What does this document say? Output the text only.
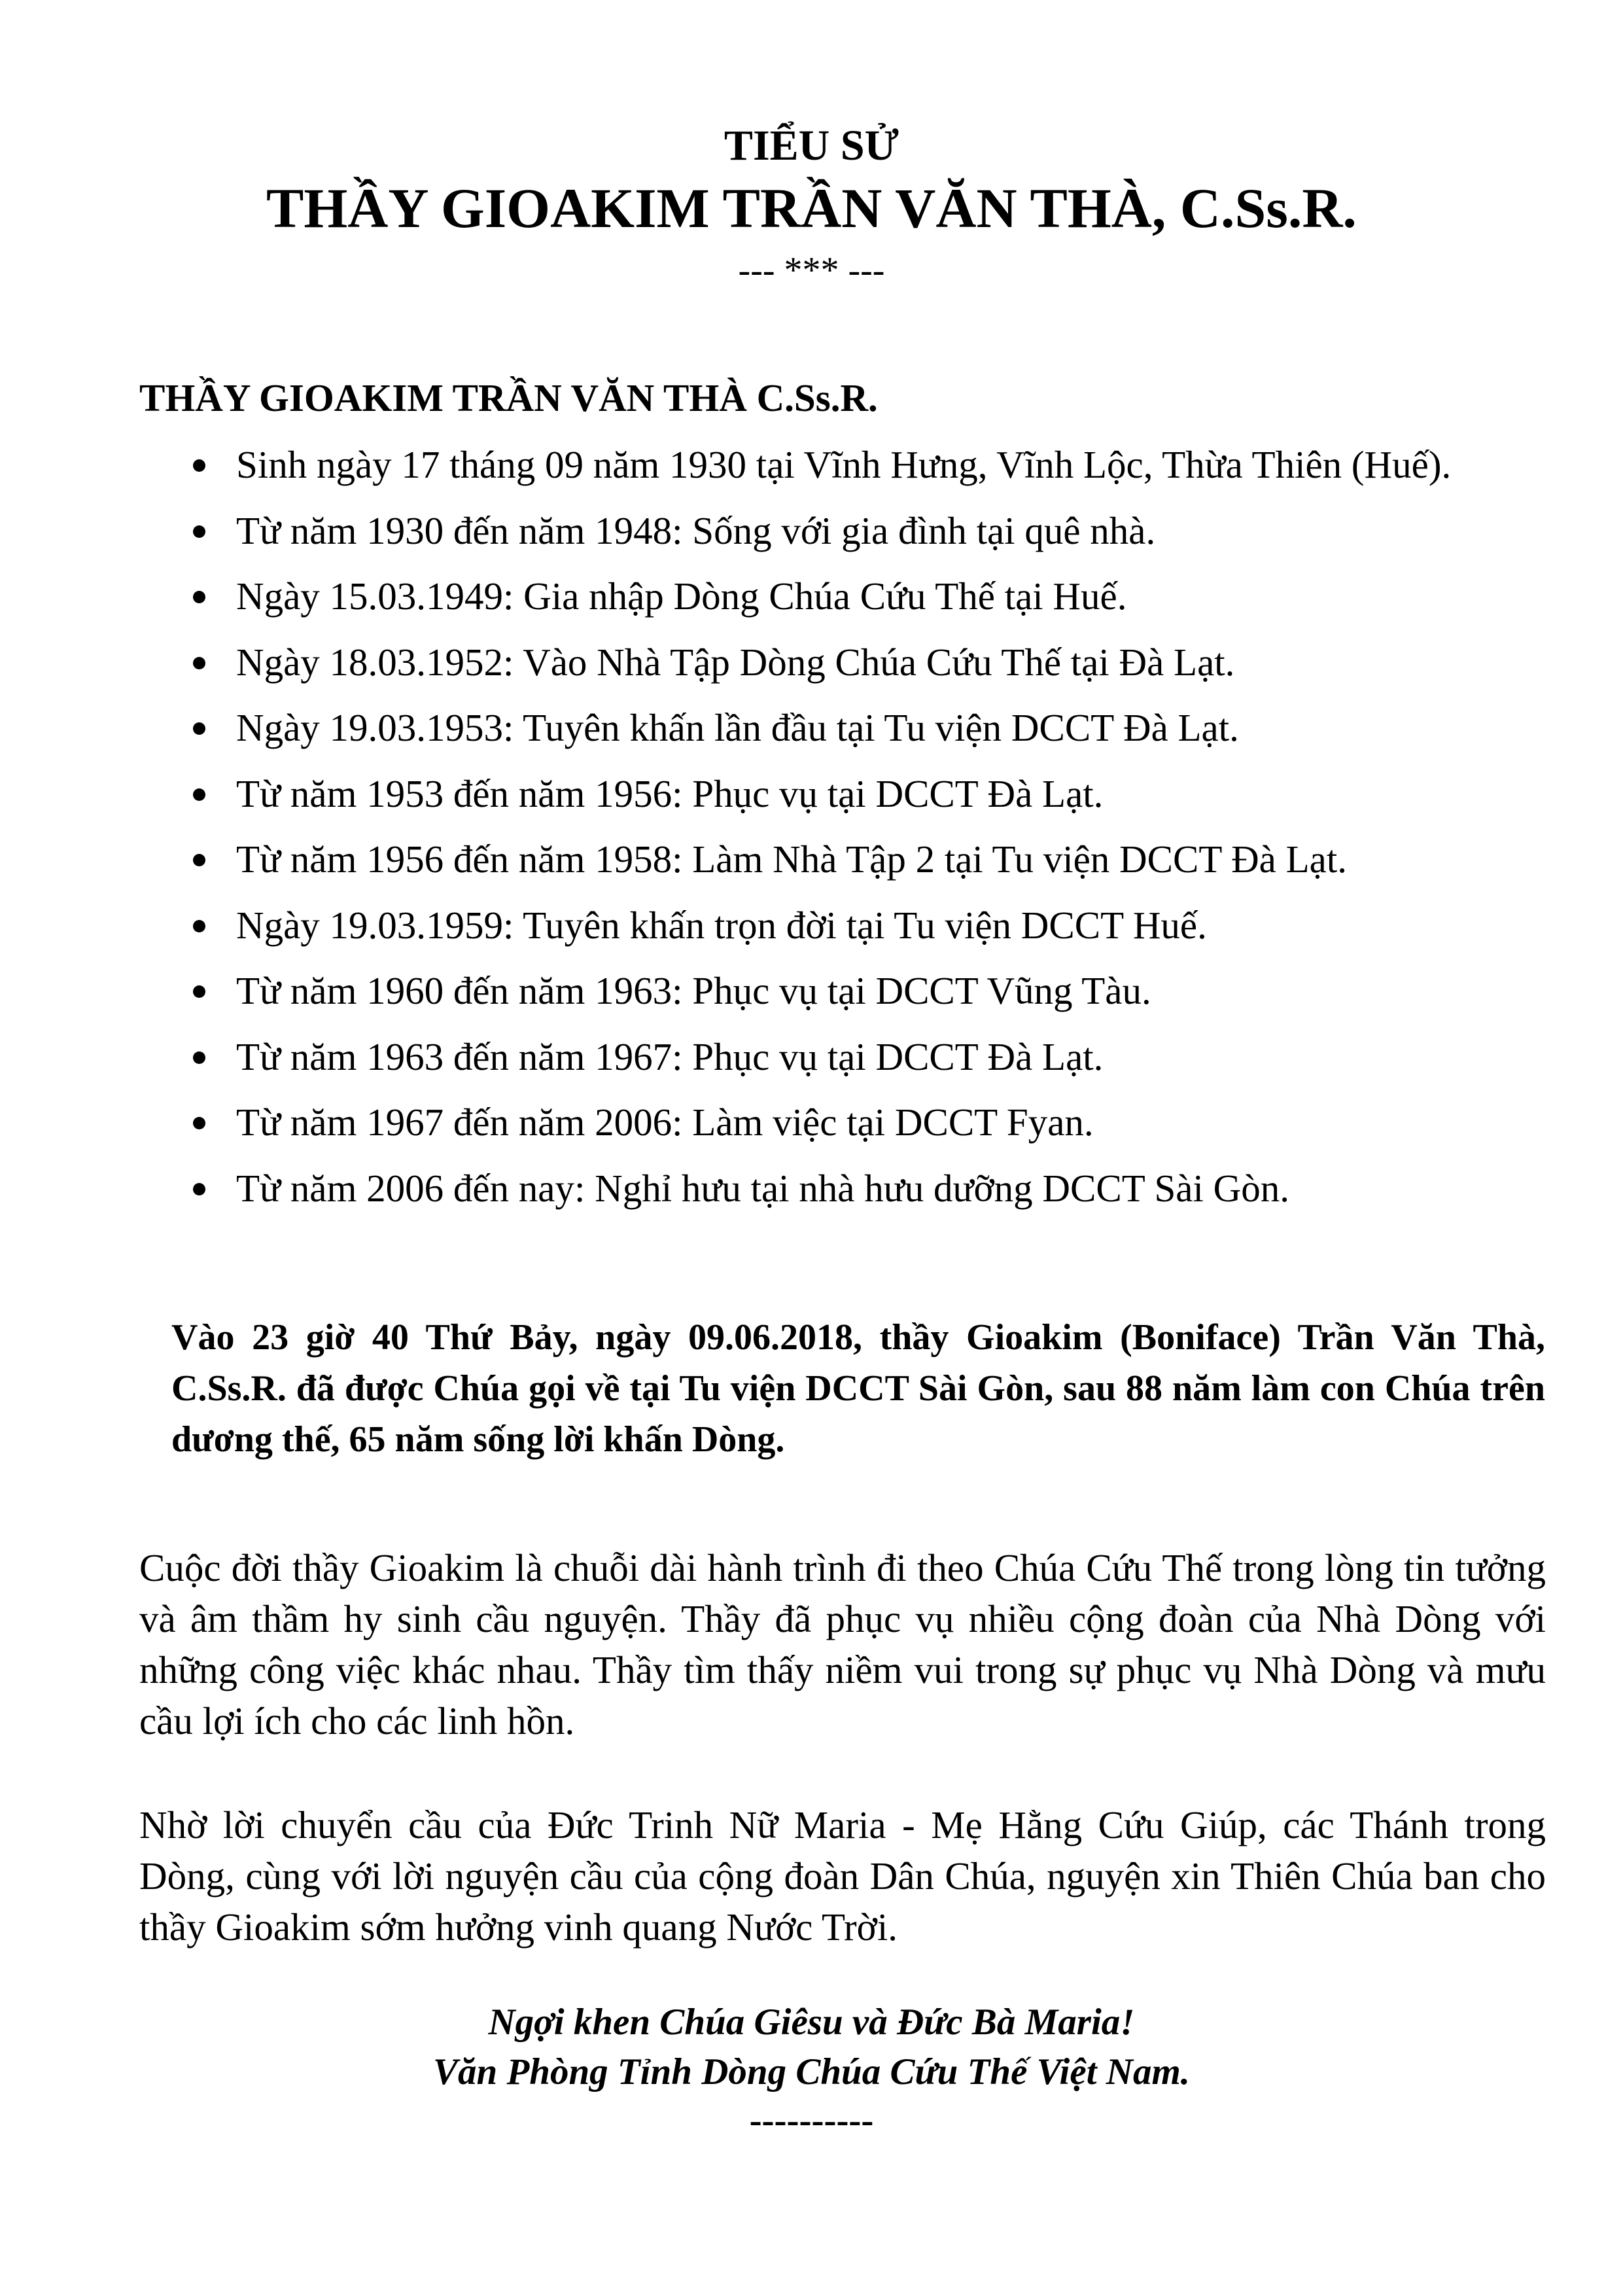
TIỂU SỬ
THẦY GIOAKIM TRẦN VĂN THÀ, C.Ss.R.
--- *** ---
THẦY GIOAKIM TRẦN VĂN THÀ C.Ss.R.
Sinh ngày 17 tháng 09 năm 1930 tại Vĩnh Hưng, Vĩnh Lộc, Thừa Thiên (Huế).
Từ năm 1930 đến năm 1948: Sống với gia đình tại quê nhà.
Ngày 15.03.1949: Gia nhập Dòng Chúa Cứu Thế tại Huế.
Ngày 18.03.1952: Vào Nhà Tập Dòng Chúa Cứu Thế tại Đà Lạt.
Ngày 19.03.1953: Tuyên khấn lần đầu tại Tu viện DCCT Đà Lạt.
Từ năm 1953 đến năm 1956: Phục vụ tại DCCT Đà Lạt.
Từ năm 1956 đến năm 1958: Làm Nhà Tập 2 tại Tu viện DCCT Đà Lạt.
Ngày 19.03.1959: Tuyên khấn trọn đời tại Tu viện DCCT Huế.
Từ năm 1960 đến năm 1963: Phục vụ tại DCCT Vũng Tàu.
Từ năm 1963 đến năm 1967: Phục vụ tại DCCT Đà Lạt.
Từ năm 1967 đến năm 2006: Làm việc tại DCCT Fyan.
Từ năm 2006 đến nay: Nghỉ hưu tại nhà hưu dưỡng DCCT Sài Gòn.
Vào 23 giờ 40 Thứ Bảy, ngày 09.06.2018, thầy Gioakim (Boniface) Trần Văn Thà, C.Ss.R. đã được Chúa gọi về tại Tu viện DCCT Sài Gòn, sau 88 năm làm con Chúa trên dương thế, 65 năm sống lời khấn Dòng.
Cuộc đời thầy Gioakim là chuỗi dài hành trình đi theo Chúa Cứu Thế trong lòng tin tưởng và âm thầm hy sinh cầu nguyện. Thầy đã phục vụ nhiều cộng đoàn của Nhà Dòng với những công việc khác nhau. Thầy tìm thấy niềm vui trong sự phục vụ Nhà Dòng và mưu cầu lợi ích cho các linh hồn.
Nhờ lời chuyển cầu của Đức Trinh Nữ Maria - Mẹ Hằng Cứu Giúp, các Thánh trong Dòng, cùng với lời nguyện cầu của cộng đoàn Dân Chúa, nguyện xin Thiên Chúa ban cho thầy Gioakim sớm hưởng vinh quang Nước Trời.
Ngợi khen Chúa Giêsu và Đức Bà Maria!
Văn Phòng Tỉnh Dòng Chúa Cứu Thế Việt Nam.
----------
